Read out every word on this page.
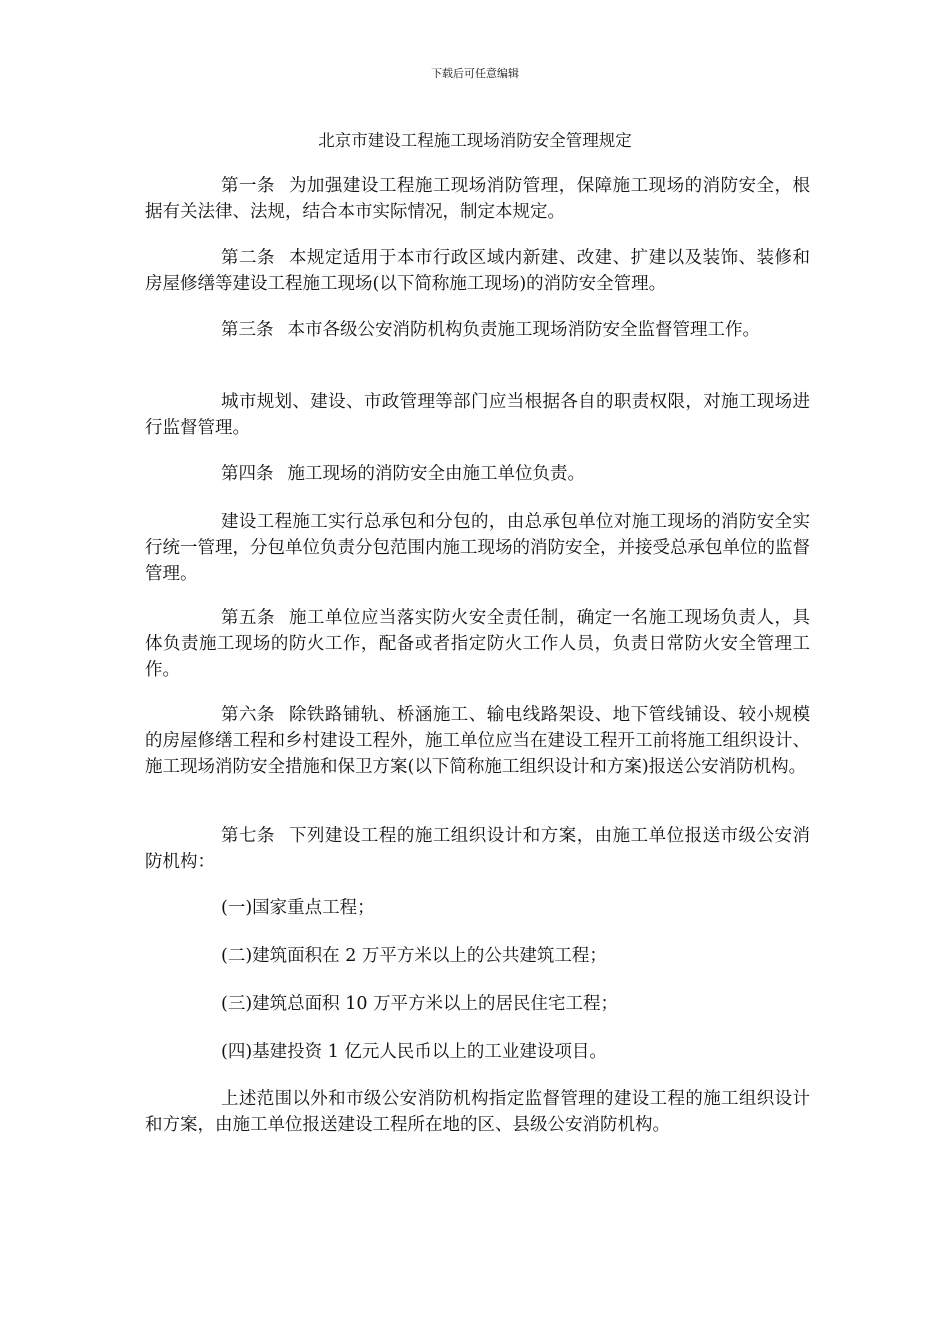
下载后可任意编辑
北京市建设工程施工现场消防安全管理规定

第一条 为加强建设工程施工现场消防管理，保障施工现场的消防安全，根据有关法律、法规，结合本市实际情况，制定本规定。

第二条 本规定适用于本市行政区域内新建、改建、扩建以及装饰、装修和房屋修缮等建设工程施工现场(以下简称施工现场)的消防安全管理。

第三条 本市各级公安消防机构负责施工现场消防安全监督管理工作。

城市规划、建设、市政管理等部门应当根据各自的职责权限，对施工现场进行监督管理。

第四条 施工现场的消防安全由施工单位负责。

建设工程施工实行总承包和分包的，由总承包单位对施工现场的消防安全实行统一管理，分包单位负责分包范围内施工现场的消防安全，并接受总承包单位的监督管理。

第五条 施工单位应当落实防火安全责任制，确定一名施工现场负责人，具体负责施工现场的防火工作，配备或者指定防火工作人员，负责日常防火安全管理工作。

第六条 除铁路铺轨、桥涵施工、输电线路架设、地下管线铺设、较小规模的房屋修缮工程和乡村建设工程外，施工单位应当在建设工程开工前将施工组织设计、施工现场消防安全措施和保卫方案(以下简称施工组织设计和方案)报送公安消防机构。

第七条 下列建设工程的施工组织设计和方案，由施工单位报送市级公安消防机构：

(一)国家重点工程；

(二)建筑面积在 2 万平方米以上的公共建筑工程；

(三)建筑总面积 10 万平方米以上的居民住宅工程；

(四)基建投资 1 亿元人民币以上的工业建设项目。

上述范围以外和市级公安消防机构指定监督管理的建设工程的施工组织设计和方案，由施工单位报送建设工程所在地的区、县级公安消防机构。
